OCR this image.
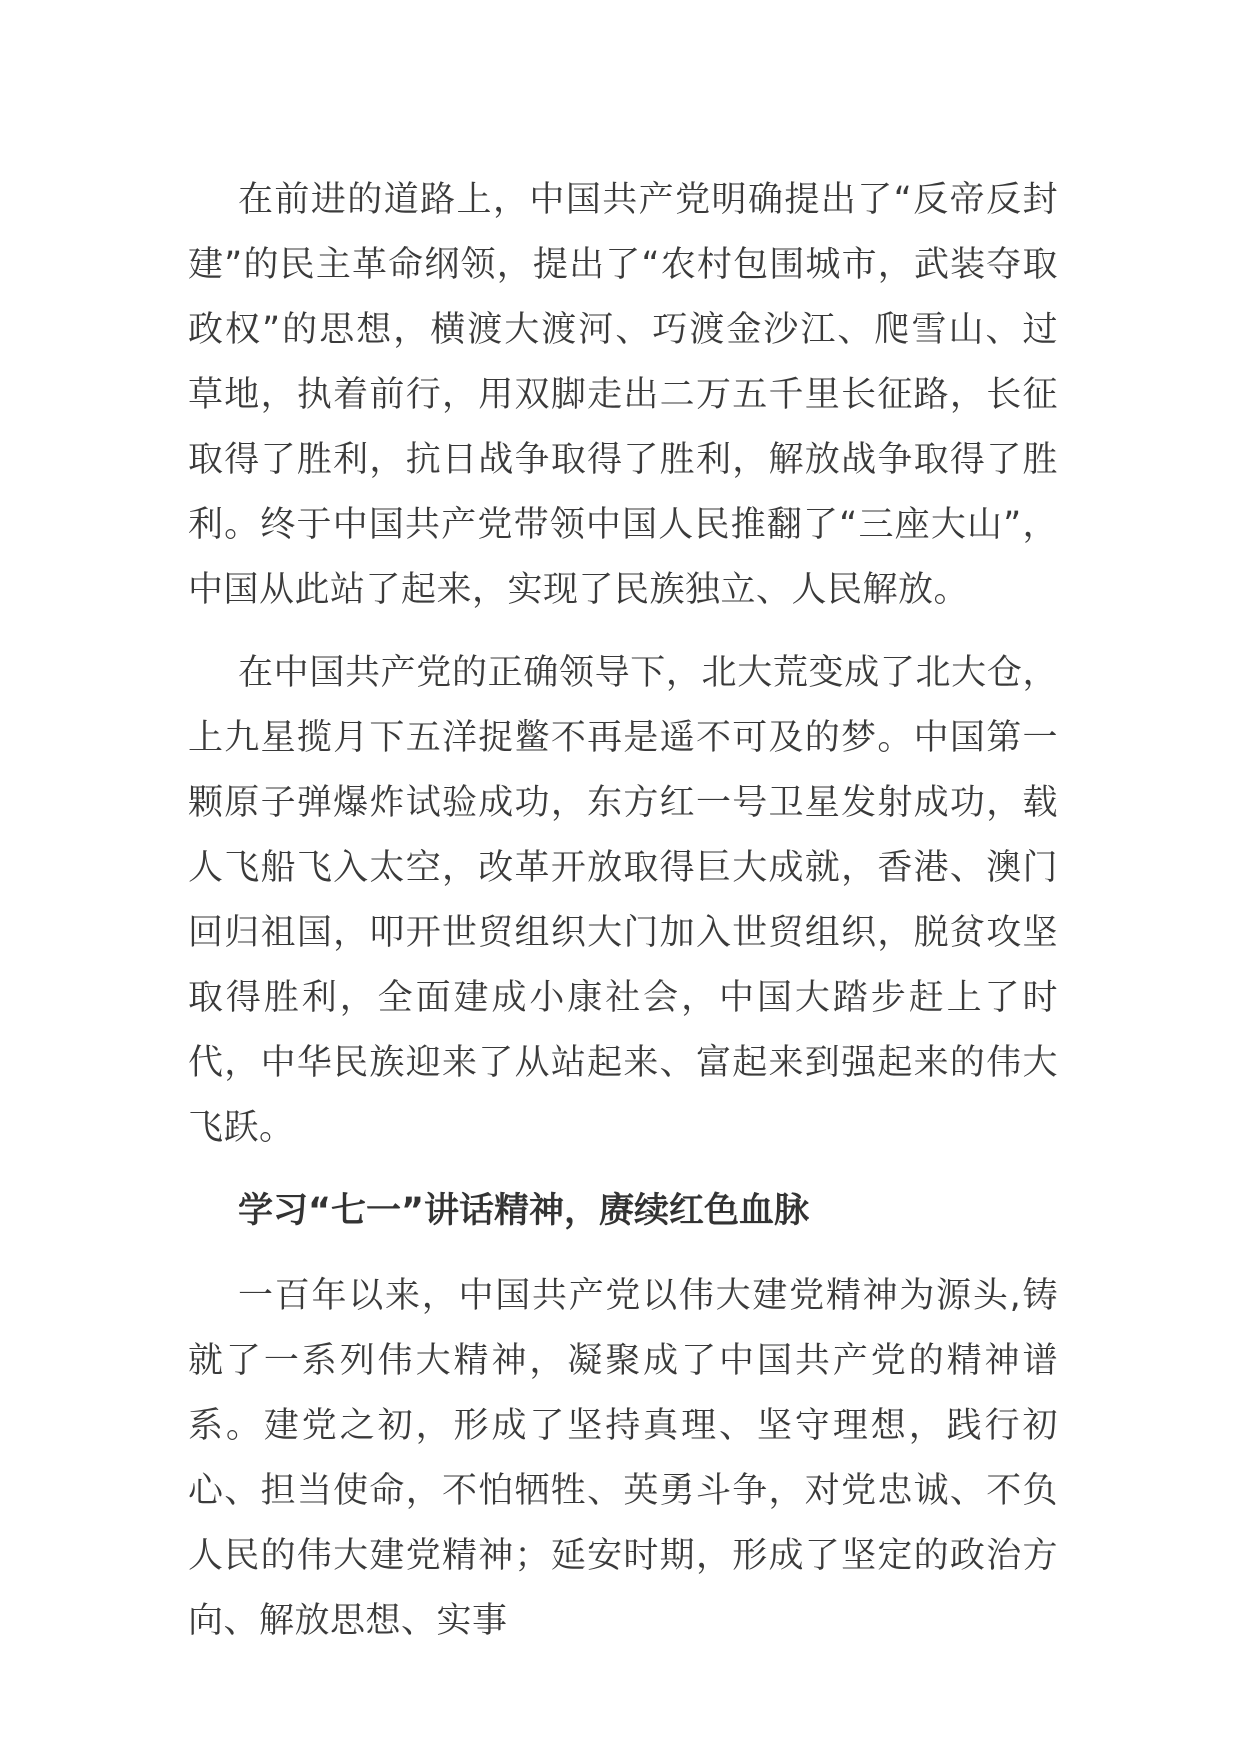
在前进的道路上，中国共产党明确提出了“反帝反封建”的民主革命纲领，提出了“农村包围城市，武装夺取政权”的思想，横渡大渡河、巧渡金沙江、爬雪山、过草地，执着前行，用双脚走出二万五千里长征路，长征取得了胜利，抗日战争取得了胜利，解放战争取得了胜利。终于中国共产党带领中国人民推翻了“三座大山”，中国从此站了起来，实现了民族独立、人民解放。

在中国共产党的正确领导下，北大荒变成了北大仓，上九星揽月下五洋捉鳖不再是遥不可及的梦。中国第一颗原子弹爆炸试验成功，东方红一号卫星发射成功，载人飞船飞入太空，改革开放取得巨大成就，香港、澳门回归祖国，叩开世贸组织大门加入世贸组织，脱贫攻坚取得胜利，全面建成小康社会，中国大踏步赶上了时代，中华民族迎来了从站起来、富起来到强起来的伟大飞跃。

学习“七一”讲话精神，赓续红色血脉

一百年以来，中国共产党以伟大建党精神为源头,铸就了一系列伟大精神，凝聚成了中国共产党的精神谱系。建党之初，形成了坚持真理、坚守理想，践行初心、担当使命，不怕牺牲、英勇斗争，对党忠诚、不负人民的伟大建党精神；延安时期，形成了坚定的政治方向、解放思想、实事
